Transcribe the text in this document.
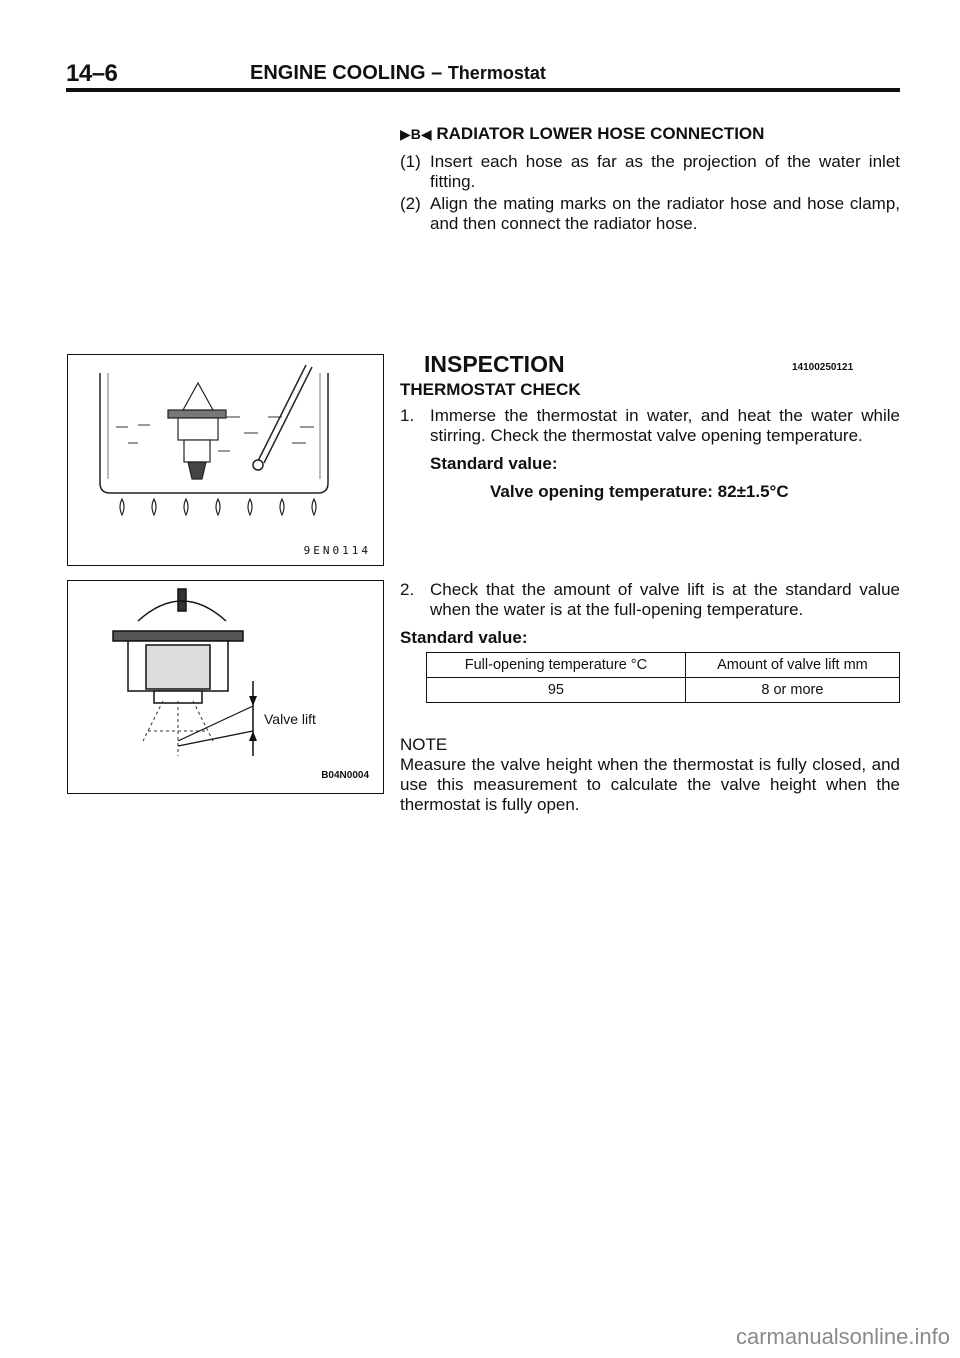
14–6	ENGINE COOLING – Thermostat
▶B◀ RADIATOR LOWER HOSE CONNECTION
(1) Insert each hose as far as the projection of the water inlet fitting.
(2) Align the mating marks on the radiator hose and hose clamp, and then connect the radiator hose.
INSPECTION	14100250121
THERMOSTAT CHECK
1. Immerse the thermostat in water, and heat the water while stirring. Check the thermostat valve opening temperature.
Standard value:
Valve opening temperature: 82±1.5°C
2. Check that the amount of valve lift is at the standard value when the water is at the full-opening temperature.
Standard value:
Full-opening temperature °C	Amount of valve lift mm
95	8 or more
NOTE
Measure the valve height when the thermostat is fully closed, and use this measurement to calculate the valve height when the thermostat is fully open.
9EN0114
Valve lift
B04N0004
carmanualsonline.info
